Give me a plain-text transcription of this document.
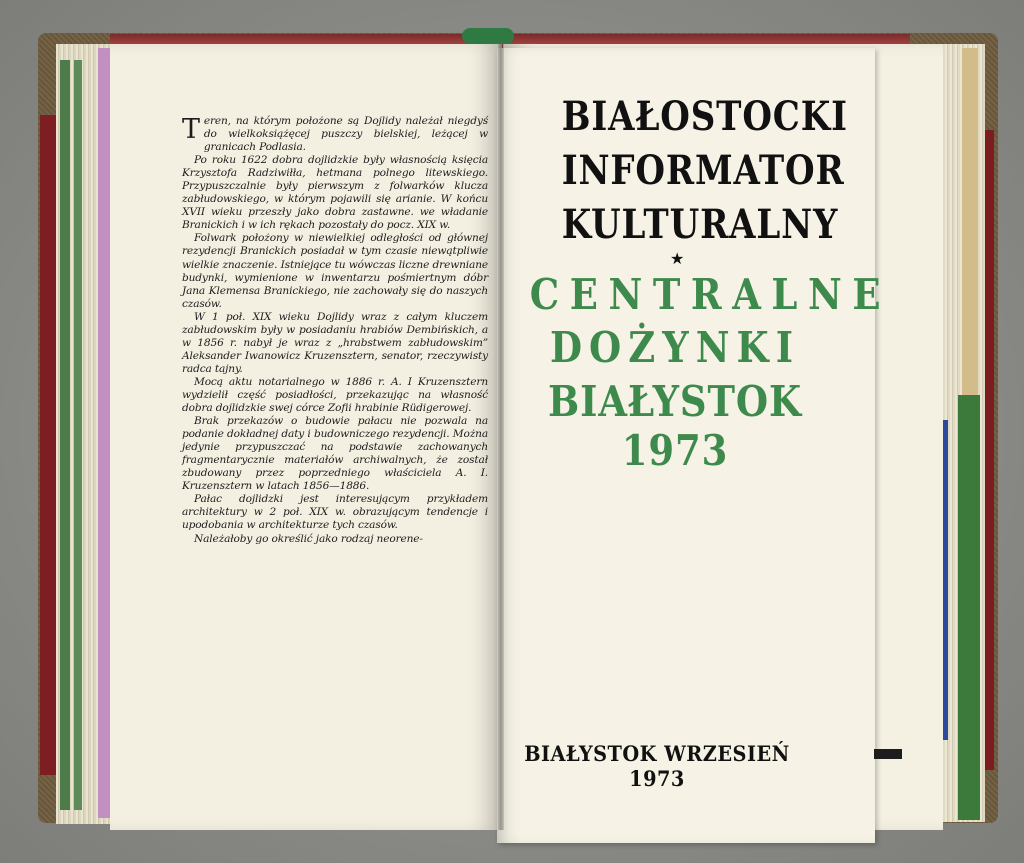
Teren, na którym położone są Dojlidy należał niegdyś do wielkoksiążęcej puszczy bielskiej, leżącej w granicach Podlasia.

Po roku 1622 dobra dojlidzkie były własnością księcia Krzysztofa Radziwiłła, hetmana polnego litewskiego. Przypuszczalnie były pierwszym z folwarków klucza zabłudowskiego, w którym pojawili się arianie. W końcu XVII wieku przeszły jako dobra zastawne. we władanie Branickich i w ich rękach pozostały do pocz. XIX w.

Folwark położony w niewielkiej odległości od głównej rezydencji Branickich posiadał w tym czasie niewątpliwie wielkie znaczenie. Istniejące tu wówczas liczne drewniane budynki, wymienione w inwentarzu pośmiertnym dóbr Jana Klemensa Branickiego, nie zachowały się do naszych czasów.

W 1 poł. XIX wieku Dojlidy wraz z całym kluczem zabłudowskim były w posiadaniu hrabiów Dembińskich, a w 1856 r. nabył je wraz z „hrabstwem zabłudowskim” Aleksander Iwanowicz Kruzensztern, senator, rzeczywisty radca tajny.

Mocą aktu notarialnego w 1886 r. A. I Kruzensztern wydzielił część posiadłości, przekazując na własność dobra dojlidzkie swej córce Zofii hrabinie Rüdigerowej.

Brak przekazów o budowie pałacu nie pozwala na podanie dokładnej daty i budowniczego rezydencji. Można jedynie przypuszczać na podstawie zachowanych fragmentarycznie materiałów archiwalnych, że został zbudowany przez poprzedniego właściciela A. I. Kruzensztern w latach 1856—1886.

Pałac dojlidzki jest interesującym przykładem architektury w 2 poł. XIX w. obrazującym tendencje i upodobania w architekturze tych czasów.

Należałoby go określić jako rodzaj neorene-

BIAŁOSTOCKI
INFORMATOR
KULTURALNY
★
CENTRALNE
DOŻYNKI
BIAŁYSTOK 1973
BIAŁYSTOK WRZESIEŃ 1973
